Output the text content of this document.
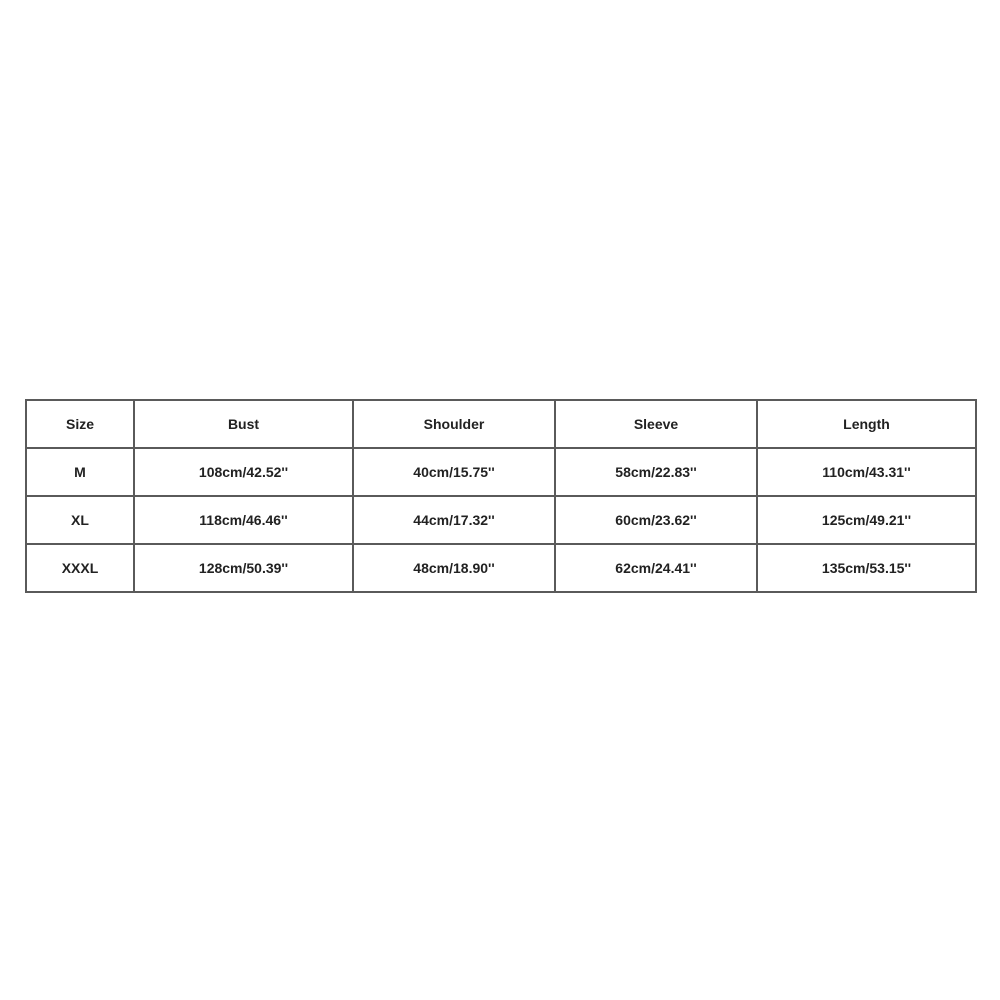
Size	Bust	Shoulder	Sleeve	Length
M	108cm/42.52''	40cm/15.75''	58cm/22.83''	110cm/43.31''
XL	118cm/46.46''	44cm/17.32''	60cm/23.62''	125cm/49.21''
XXXL	128cm/50.39''	48cm/18.90''	62cm/24.41''	135cm/53.15''
